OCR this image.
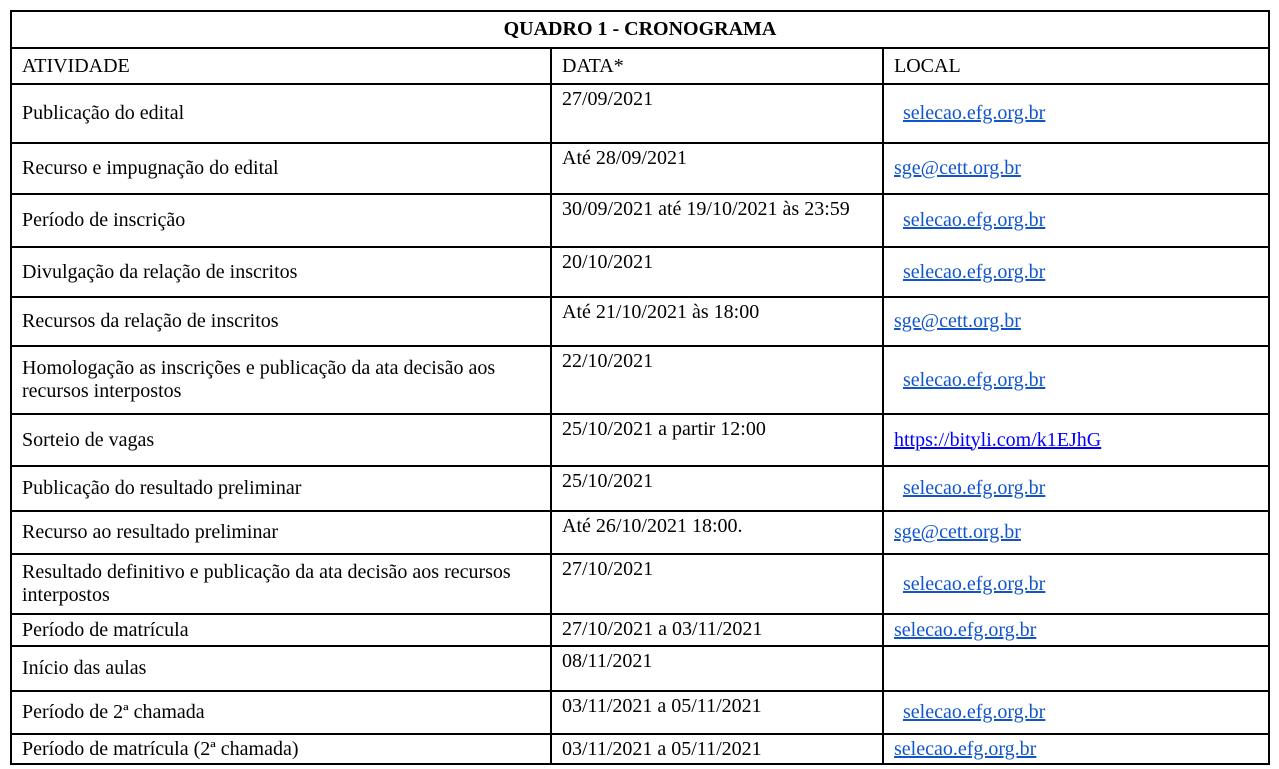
QUADRO 1 - CRONOGRAMA		
ATIVIDADE	DATA*	LOCAL
Publicação do edital	27/09/2021	selecao.efg.org.br
Recurso e impugnação do edital	Até 28/09/2021	sge@cett.org.br
Período de inscrição	30/09/2021 até 19/10/2021 às 23:59	selecao.efg.org.br
Divulgação da relação de inscritos	20/10/2021	selecao.efg.org.br
Recursos da relação de inscritos	Até 21/10/2021 às 18:00	sge@cett.org.br
Homologação as inscrições e publicação da ata decisão aos recursos interpostos	22/10/2021	selecao.efg.org.br
Sorteio de vagas	25/10/2021 a partir 12:00	https://bityli.com/k1EJhG
Publicação do resultado preliminar	25/10/2021	selecao.efg.org.br
Recurso ao resultado preliminar	Até 26/10/2021 18:00.	sge@cett.org.br
Resultado definitivo e publicação da ata decisão aos recursos interpostos	27/10/2021	selecao.efg.org.br
Período de matrícula	27/10/2021 a 03/11/2021	selecao.efg.org.br
Início das aulas	08/11/2021	
Período de 2ª chamada	03/11/2021 a 05/11/2021	selecao.efg.org.br
Período de matrícula (2ª chamada)	03/11/2021 a 05/11/2021	selecao.efg.org.br
